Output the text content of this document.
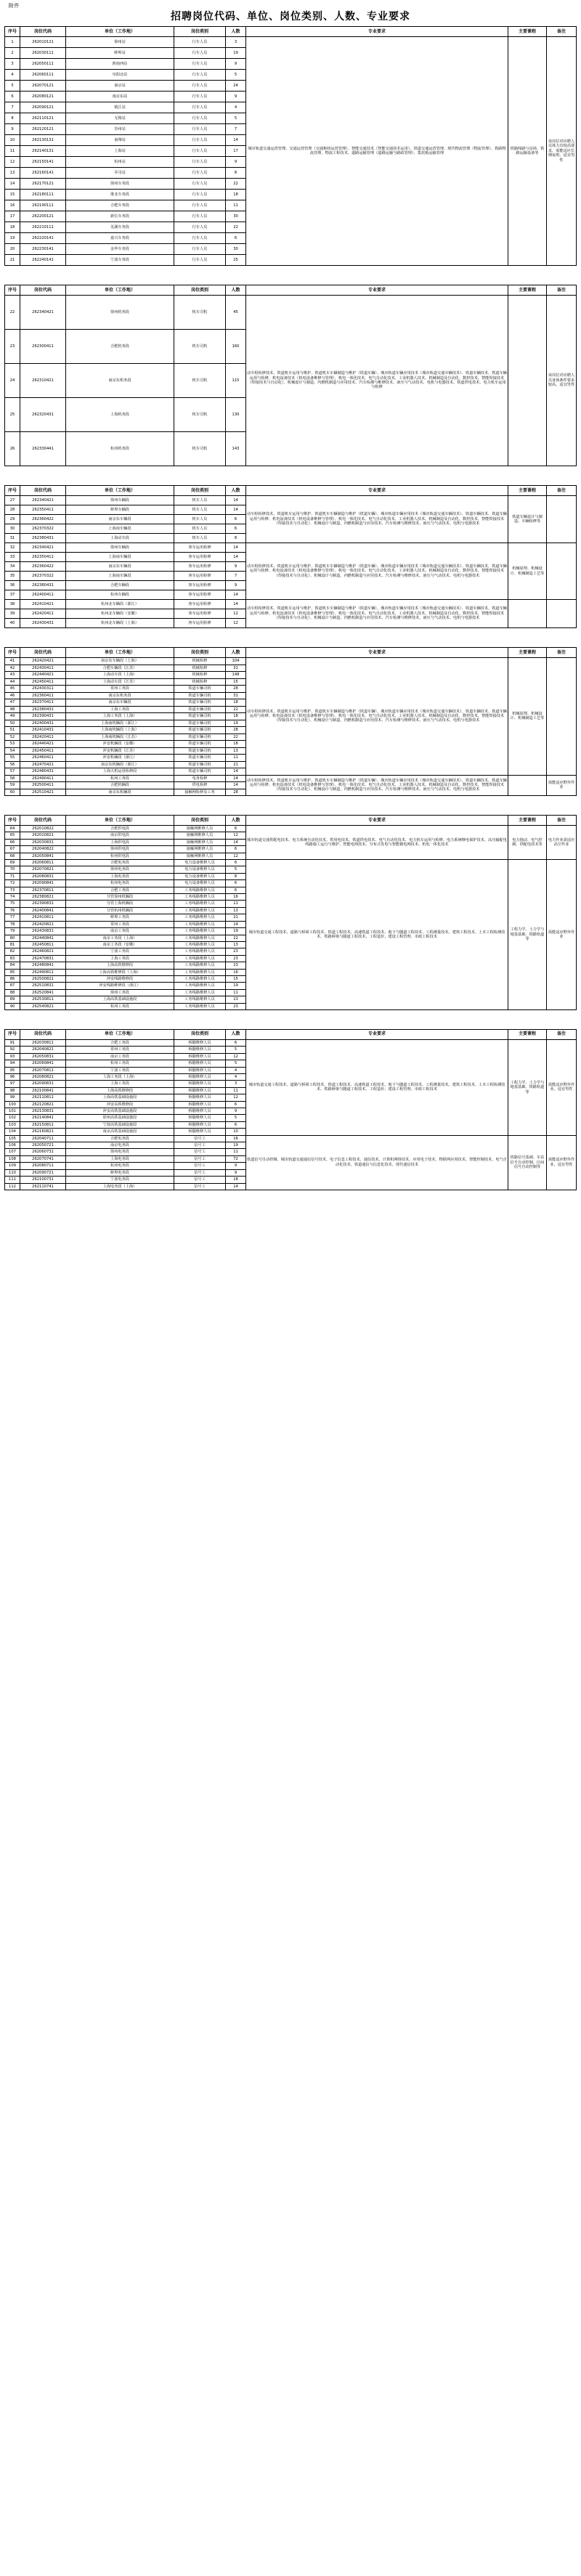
附件
招聘岗位代码、单位、岗位类别、人数、专业要求
序号	岗位代码	单位（工作地）	岗位类别	人数	专业要求	主要课程	备注
1	262010121	徐州站	行车人员	3	城市轨道交通运营管理、交通运营管理（交通枢纽运营管理）、智能交通技术（智能交通技术运用）、铁道交通运营管理、现代物流管理（物流管理）、铁路物流管理、物流工程技术、道路运输管理（道路运输与路政管理）、集装箱运输管理	铁路线路与站场、铁路运输设备等	该岗位对应聘人员体力有较高要求，需能适应长期夜班，适宜男性
2	262030111	蚌埠站	行车人员	19			
3	262050111	淮南西站	行车人员	9			
4	262060111	阜阳北站	行车人员	5			
5	262070121	南京站	行车人员	24			
6	262080121	南京东站	行车人员	9			
7	262090121	镇江站	行车人员	4			
8	262110121	无锡站	行车人员	5			
9	262120121	苏州站	行车人员	7			
10	262130131	南翔站	行车人员	14			
11	262140131	上海站	行车人员	17			
12	262150141	杭州站	行车人员	9			
13	262160141	乔司站	行车人员	8			
14	262170121	徐州车务段	行车人员	22			
15	262180111	淮北车务段	行车人员	18			
16	262190111	合肥车务段	行车人员	11			
17	262200121	新长车务段	行车人员	30			
18	262210111	芜湖车务段	行车人员	22			
19	262220141	嘉兴车务段	行车人员	6			
20	262230141	金华车务段	行车人员	30			
21	262240141	宁波车务段	行车人员	25			
序号	岗位代码	单位（工作地）	岗位类别	人数	专业要求	主要课程	备注
22	262340421	徐州机务段	机车司机	45	动车组检修技术、铁道机车运用与维护、铁道机车车辆制造与维护（铁道车辆）、城市轨道车辆应用技术（城市轨道交通车辆技术）、铁道车辆技术、铁道车辆运用与检修、机电设备技术（机电设备维修与管理）、机电一体化技术、电气自动化技术、工业机器人技术、机械制造及自动化、数控技术、智能焊接技术（焊接技术与自动化）、机械设计与制造、内燃机制造与应用技术、汽车检测与维修技术、液压与气动技术、电机与电器技术、铁道供电技术、电力机车运用与检修		该岗位对应聘人员身体条件要求较高，适宜男性
23	262300411	合肥机务段	机车司机	160			
24	262310421	南京东机务段	机车司机	115			
25	262320431	上海机务段	机车司机	130			
26	262330441	杭州机务段	机车司机	143			
序号	岗位代码	单位（工作地）	岗位类别	人数	专业要求	主要课程	备注
27	262340421	徐州车辆段	机车人员	14	动车组检修技术、铁道机车运用与维护、铁道机车车辆制造与维护（铁道车辆）、城市轨道车辆应用技术（城市轨道交通车辆技术）、铁道车辆技术、铁道车辆运用与检修、机电设备技术（机电设备维修与管理）、机电一体化技术、电气自动化技术、工业机器人技术、机械制造及自动化、数控技术、智能焊接技术（焊接技术与自动化）、机械设计与制造、内燃机制造与应用技术、汽车检测与维修技术、液压与气动技术、电机与电器技术	铁道车辆设计与制造、车辆检修等	
28	262350411	蚌埠车辆段	机车人员	14			
29	262360422	南京东车辆段	机车人员	6			
30	262370322	上海南车辆段	机车人员	6			
31	262380431	上海动车段	机车人员	8			
32	262340421	徐州车辆段	客车运用检修	14	动车组检修技术、铁道机车运用与维护、铁道机车车辆制造与维护（铁道车辆）、城市轨道车辆应用技术（城市轨道交通车辆技术）、铁道车辆技术、铁道车辆运用与检修、机电设备技术（机电设备维修与管理）、机电一体化技术、电气自动化技术、工业机器人技术、机械制造及自动化、数控技术、智能焊接技术（焊接技术与自动化）、机械设计与制造、内燃机制造与应用技术、汽车检测与维修技术、液压与气动技术、电机与电器技术	机械原理、机械设计、机械制造工艺等	
33	262350411	上海南车辆段	客车运用检修	14			
34	262360422	南京东车辆段	客车运用检修	9			
35	262370322	上海南车辆段	客车运用检修	7			
36	262380431	合肥车辆段	客车运用检修	9			
37	262400411	杭州车辆段	客车运用检修	14			
38	262410421	杭州北车辆段（浙江）	客车运用检修	14	动车组检修技术、铁道机车运用与维护、铁道机车车辆制造与维护（铁道车辆）、城市轨道车辆应用技术（城市轨道交通车辆技术）、铁道车辆技术、铁道车辆运用与检修、机电设备技术（机电设备维修与管理）、机电一体化技术、电气自动化技术、工业机器人技术、机械制造及自动化、数控技术、智能焊接技术（焊接技术与自动化）、机械设计与制造、内燃机制造与应用技术、汽车检测与维修技术、液压与气动技术、电机与电器技术		
39	262420411	杭州北车辆段（安徽）	客车运用检修	12			
40	262430431	杭州北车辆段（上海）	客车运用检修	12			
序号	岗位代码	单位（工作地）	岗位类别	人数	专业要求	主要课程	备注
41	262420421	南京东车辆段（上海）	机械检修	104	动车组检修技术、铁道机车运用与维护、铁道机车车辆制造与维护（铁道车辆）、城市轨道车辆应用技术（城市轨道交通车辆技术）、铁道车辆技术、铁道车辆运用与检修、机电设备技术（机电设备维修与管理）、机电一体化技术、电气自动化技术、工业机器人技术、机械制造及自动化、数控技术、智能焊接技术（焊接技术与自动化）、机械设计与制造、内燃机制造与应用技术、汽车检测与维修技术、液压与气动技术、电机与电器技术	机械原理、机械设计、机械制造工艺等	
42	262430411	合肥车辆段（江苏）	机械检修	31			
43	262440421	上海动车段（上海）	机械检修	148			
44	262450411	上海动车段（江苏）	机械检修	15			
45	262430311	常州工务段	铁道车辆司机	28			
46	262360411	南京东机务段	铁道车辆司机	31			
47	262370411	南京东车辆段	铁道车辆司机	18			
48	262380431	上海工务段	铁道车辆司机	22			
49	262390431	上海工务段（上海）	铁道车辆司机	18			
50	262400431	上海南机辆段（浙江）	铁道车辆司机	19			
51	262410431	上海南机辆段（上海）	铁道车辆司机	28			
52	262420411	上海南机辆段（江苏）	铁道车辆司机	22			
53	262440421	萍安机辆段（安徽）	铁道车辆司机	18			
54	262450411	萍安机辆段（江苏）	铁道车辆司机	13			
55	262460411	萍安机辆段（浙江）	铁道车辆司机	11			
56	262470421	南京东机辆段（浙江）	铁道车辆司机	21			
57	262480431	上海大机运用检修段	铁道车辆司机	14			
58	262490411	杭州工务段	电务检修	14	动车组检修技术、铁道机车运用与维护、铁道机车车辆制造与维护（铁道车辆）、城市轨道车辆应用技术（城市轨道交通车辆技术）、铁道车辆技术、铁道车辆运用与检修、机电设备技术（机电设备维修与管理）、机电一体化技术、电气自动化技术、工业机器人技术、机械制造及自动化、数控技术、智能焊接技术（焊接技术与自动化）、机械设计与制造、内燃机制造与应用技术、汽车检测与维修技术、液压与气动技术、电机与电器技术		需能适应野外作业
59	262500411	合肥机辆段	供电检修	14			
60	262510421	南京东机辆段	接触网检修及工务	28			
序号	岗位代码	单位（工作地）	岗位类别	人数	专业要求	主要课程	备注
64	262010822	合肥供电段	接触网维修人员	6	城市轨道交通供配电技术、电力系统自动化技术、供用电技术、铁道供电技术、电气自动化技术、电力机车运用与检修、电力系统继电保护技术、高压输配电线路施工运行与维护、智能电网技术、分布式发电与智能微电网技术、机电一体化技术	电力拖动、电气控制、供配电技术等	电力作业需适应高空作业
65	262020821	南京供电段	接触网维修人员	12			
66	262030831	上海供电段	接触网维修人员	14			
67	262040822	徐州供电段	接触网维修人员	6			
68	262050841	杭州供电段	接触网维修人员	12			
69	262060811	合肥电务段	电力设备维修人员	6	城市轨道交通工程技术、道路与桥梁工程技术、铁道工程技术、高速铁道工程技术、地下与隧道工程技术、工程测量技术、建筑工程技术、土木工程检测技术、铁路桥梁与隧道工程技术、工程造价、建设工程管理、市政工程技术	工程力学、土力学与地基基础、铁路轨道等	需能适应野外作业
70	262070821	徐州电务段	电力设备维修人员	5			
71	262080831	上海电务段	电力设备维修人员	8			
72	262090841	杭州电务段	电力设备维修人员	6			
73	262370811	合肥工务段	工务线路维修人员	6			
74	262380821	分管徐州机辆段	工务线路维修人员	16			
75	262390831	分管上海机辆段	工务线路维修人员	11			
76	262400841	分管杭州机辆段	工务线路维修人员	13			
77	262410811	蚌埠工务段	工务线路维修人员	21			
78	262420821	常州工务段	工务线路维修人员	14			
79	262430831	南京工务段	工务线路维修人员	19			
80	262440841	南京工务段（上海）	工务线路维修人员	22			
81	262450811	南京工务段（安徽）	工务线路维修人员	13			
82	262460821	宁波工务段	工务线路维修人员	23			
83	262470831	上海工务段	工务线路维修人员	23			
84	262480841	上海高铁维修段	工务线路维修人员	23			
85	262490811	上海高铁维修段（上海）	工务线路维修人员	16			
86	262500821	萍安线路维修段	工务线路维修人员	15			
87	262510831	萍安线路维修段（浙江）	工务线路维修人员	19			
88	262520841	徐州工务段	工务线路维修人员	11			
89	262530811	上海高铁基础设施段	工务线路维修人员	13			
90	262540821	杭州工务段	工务线路维修人员	23			
序号	岗位代码	单位（工作地）	岗位类别	人数	专业要求	主要课程	备注
91	262030811	合肥工务段	桥隧维修人员	6	城市轨道交通工程技术、道路与桥梁工程技术、铁道工程技术、高速铁道工程技术、地下与隧道工程技术、工程测量技术、建筑工程技术、土木工程检测技术、铁路桥梁与隧道工程技术、工程造价、建设工程管理、市政工程技术	工程力学、土力学与地基基础、铁路轨道等	需能适应野外作业，适宜男性
92	262040821	常州工务段	桥隧维修人员	5			
93	262050831	南京工务段	桥隧维修人员	12			
94	262060841	杭州工务段	桥隧维修人员	5			
95	262070811	宁波工务段	桥隧维修人员	4			
96	262080821	上海工务段（上海）	桥隧维修人员	4			
97	262090831	上海工务段	桥隧维修人员	3			
98	262100841	上海高铁维修段	桥隧维修人员	11			
99	262110811	上海高铁基础设施段	桥隧维修人员	12			
100	262120821	萍安高铁维修段	桥隧维修人员	6			
101	262130831	萍安高铁基础设施段	桥隧维修人员	9			
102	262140841	徐州高铁基础设施段	桥隧维修人员	5			
103	262150811	宁波高铁基础设施段	桥隧维修人员	6			
104	262160821	南京高铁基础设施段	桥隧维修人员	10			
105	262040711	合肥电务段	信号工	16	铁道信号自动控制、城市轨道交通通信信号技术、电子信息工程技术、通信技术、计算机网络技术、应用电子技术、物联网应用技术、智能控制技术、电气自动化技术、铁道通信与信息化技术、现代通信技术	铁路信号基础、车站信号自动控制、区间信号自动控制等	需能适应野外作业，适宜男性
106	262050721	南京电务段	信号工	19			
107	262060731	徐州电务段	信号工	11			
108	262070741	上海电务段	信号工	72			
109	262080711	杭州电务段	信号工	9			
110	262090721	蚌埠电务段	信号工	9			
111	262100731	宁波电务段	信号工	18			
112	262110741	上海电务段（上海）	信号工	14			
